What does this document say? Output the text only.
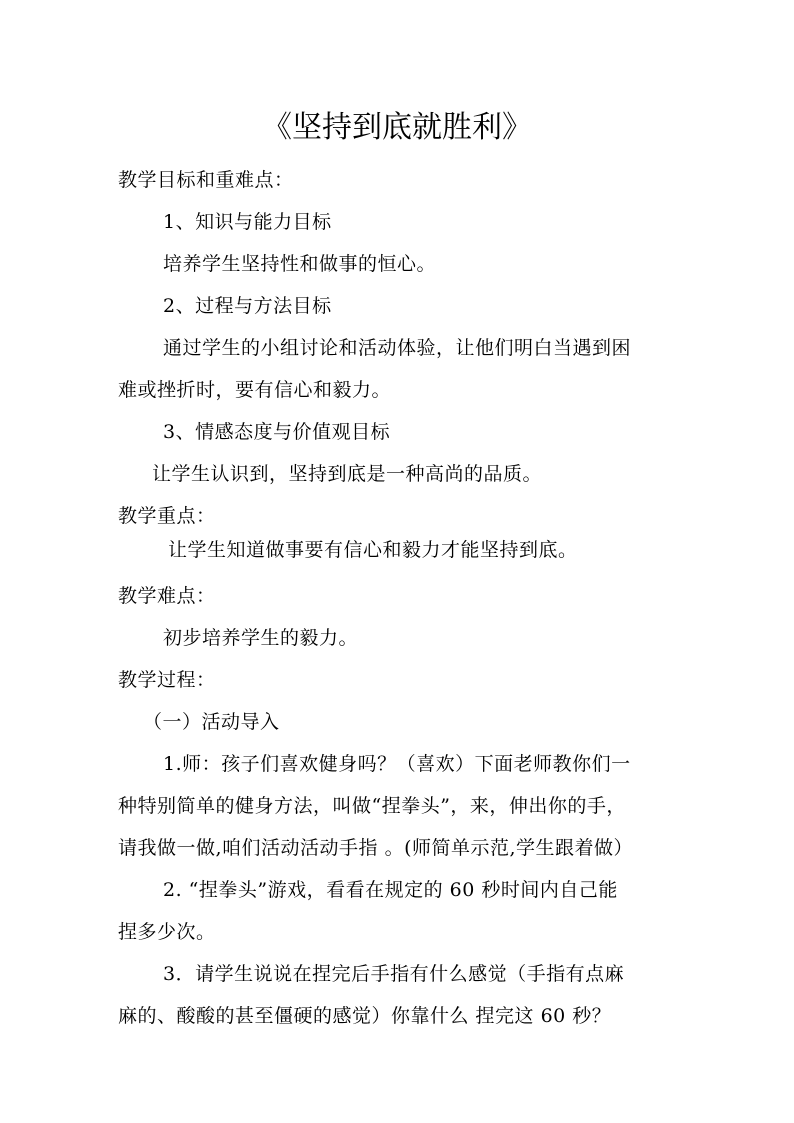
《坚持到底就胜利》
教学目标和重难点：
1、知识与能力目标
培养学生坚持性和做事的恒心。
2、过程与方法目标
通过学生的小组讨论和活动体验，让他们明白当遇到困
难或挫折时，要有信心和毅力。
3、情感态度与价值观目标
让学生认识到，坚持到底是一种高尚的品质。
教学重点：
让学生知道做事要有信心和毅力才能坚持到底。
教学难点：
初步培养学生的毅力。
教学过程：
（一）活动导入
1.师：孩子们喜欢健身吗？（喜欢）下面老师教你们一
种特别简单的健身方法，叫做“捏拳头”，来，伸出你的手，
请我做一做,咱们活动活动手指 。(师简单示范,学生跟着做）
2. “捏拳头”游戏，看看在规定的 60 秒时间内自己能
捏多少次。
3．请学生说说在捏完后手指有什么感觉（手指有点麻
麻的、酸酸的甚至僵硬的感觉）你靠什么 捏完这 60 秒？
